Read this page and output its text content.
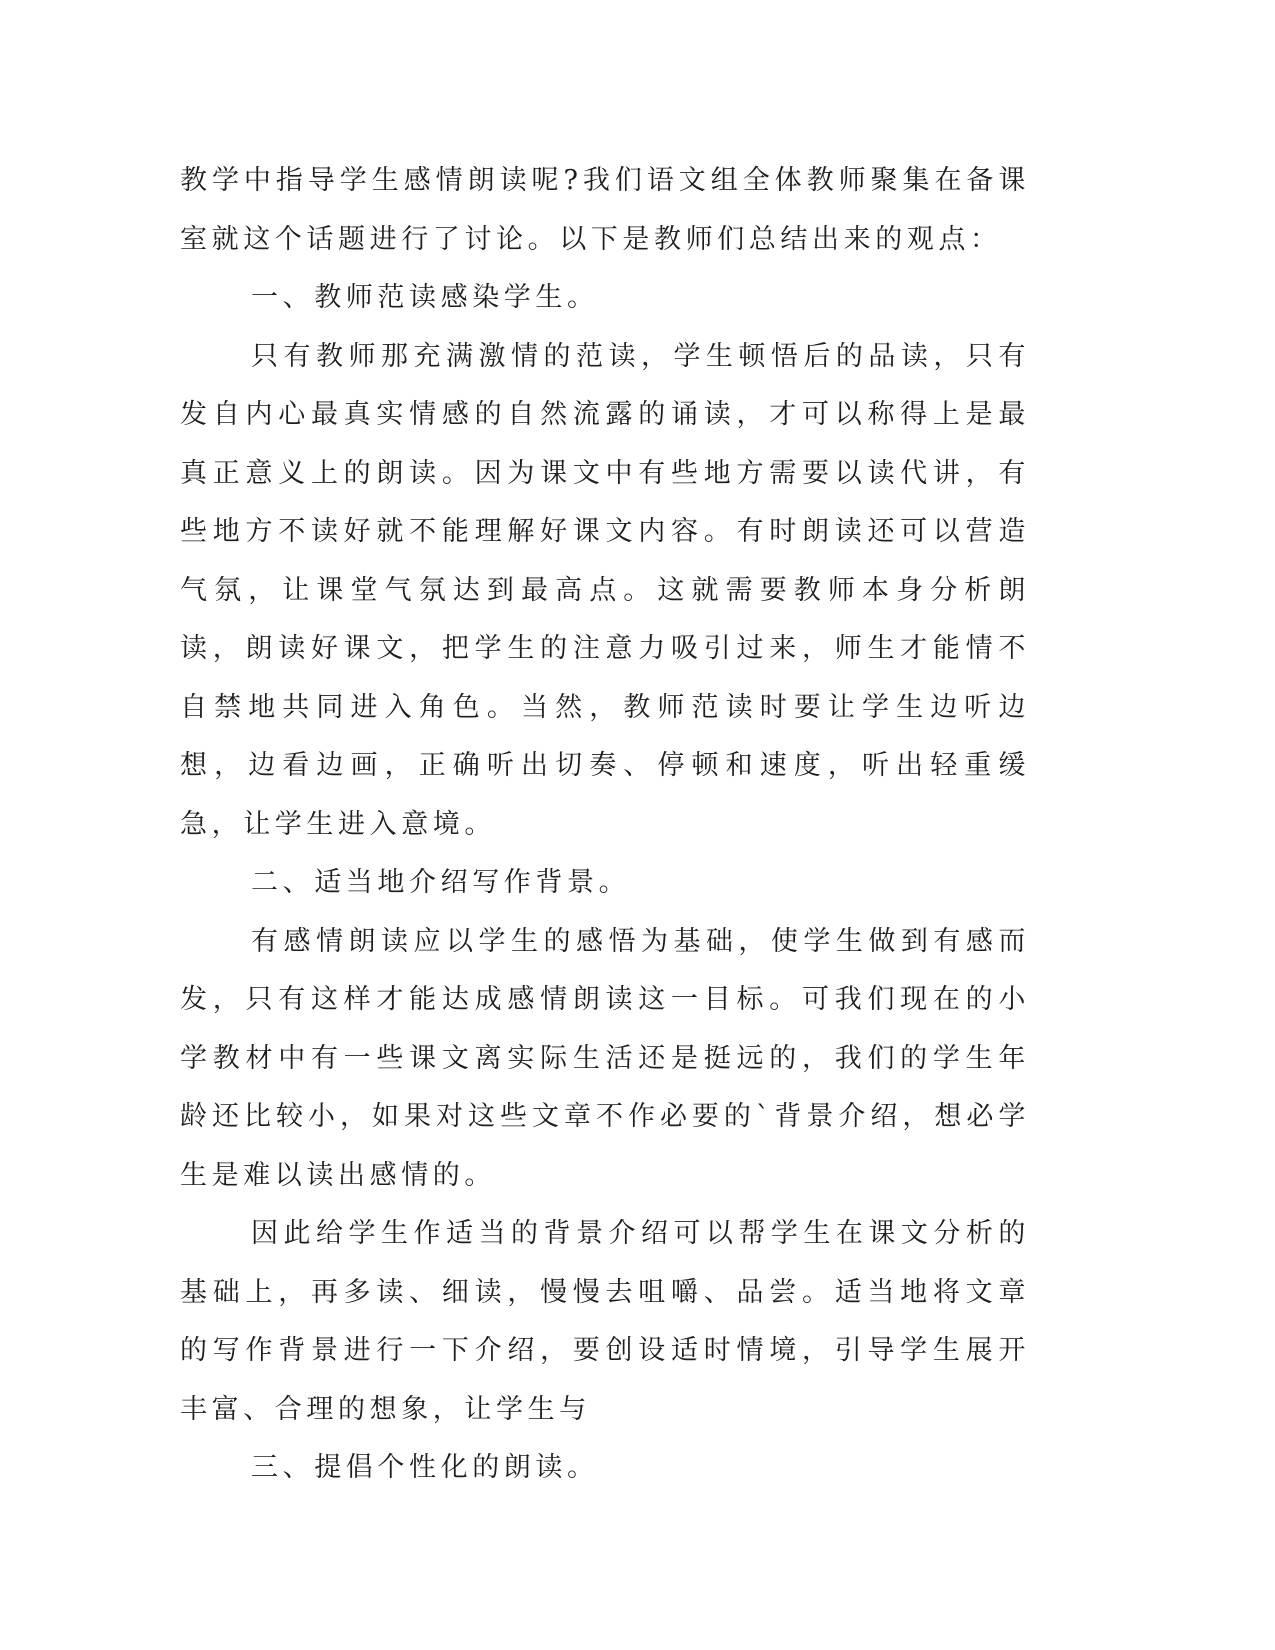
教学中指导学生感情朗读呢?我们语文组全体教师聚集在备课室就这个话题进行了讨论。以下是教师们总结出来的观点：

一、教师范读感染学生。

只有教师那充满激情的范读，学生顿悟后的品读，只有发自内心最真实情感的自然流露的诵读，才可以称得上是最真正意义上的朗读。因为课文中有些地方需要以读代讲，有些地方不读好就不能理解好课文内容。有时朗读还可以营造气氛，让课堂气氛达到最高点。这就需要教师本身分析朗读，朗读好课文，把学生的注意力吸引过来，师生才能情不自禁地共同进入角色。当然，教师范读时要让学生边听边想，边看边画，正确听出切奏、停顿和速度，听出轻重缓急，让学生进入意境。

二、适当地介绍写作背景。

有感情朗读应以学生的感悟为基础，使学生做到有感而发，只有这样才能达成感情朗读这一目标。可我们现在的小学教材中有一些课文离实际生活还是挺远的，我们的学生年龄还比较小，如果对这些文章不作必要的`背景介绍，想必学生是难以读出感情的。

因此给学生作适当的背景介绍可以帮学生在课文分析的基础上，再多读、细读，慢慢去咀嚼、品尝。适当地将文章的写作背景进行一下介绍，要创设适时情境，引导学生展开丰富、合理的想象，让学生与

三、提倡个性化的朗读。
